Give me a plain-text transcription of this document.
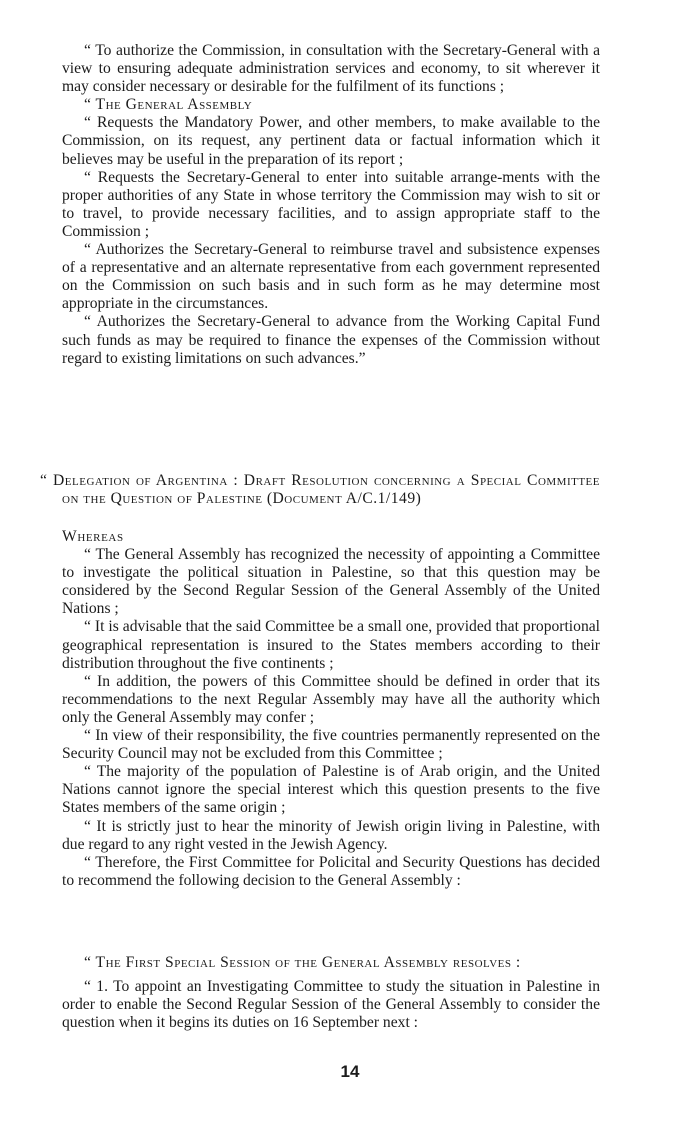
“ To authorize the Commission, in consultation with the Secretary-General with a view to ensuring adequate administration services and economy, to sit wherever it may consider necessary or desirable for the fulfilment of its functions ;

“ The General Assembly

“ Requests the Mandatory Power, and other members, to make available to the Commission, on its request, any pertinent data or factual information which it believes may be useful in the preparation of its report ;

“ Requests the Secretary-General to enter into suitable arrange-ments with the proper authorities of any State in whose territory the Commission may wish to sit or to travel, to provide necessary facilities, and to assign appropriate staff to the Commission ;

“ Authorizes the Secretary-General to reimburse travel and subsistence expenses of a representative and an alternate representative from each government represented on the Commission on such basis and in such form as he may determine most appropriate in the circumstances.

“ Authorizes the Secretary-General to advance from the Working Capital Fund such funds as may be required to finance the expenses of the Commission without regard to existing limitations on such advances.”

“ Delegation of Argentina : Draft Resolution concerning a Special Committee on the Question of Palestine (Document A/C.1/149)

Whereas

“ The General Assembly has recognized the necessity of appointing a Committee to investigate the political situation in Palestine, so that this question may be considered by the Second Regular Session of the General Assembly of the United Nations ;

“ It is advisable that the said Committee be a small one, provided that proportional geographical representation is insured to the States members according to their distribution throughout the five continents ;

“ In addition, the powers of this Committee should be defined in order that its recommendations to the next Regular Assembly may have all the authority which only the General Assembly may confer ;

“ In view of their responsibility, the five countries permanently represented on the Security Council may not be excluded from this Committee ;

“ The majority of the population of Palestine is of Arab origin, and the United Nations cannot ignore the special interest which this question presents to the five States members of the same origin ;

“ It is strictly just to hear the minority of Jewish origin living in Palestine, with due regard to any right vested in the Jewish Agency.

“ Therefore, the First Committee for Policital and Security Questions has decided to recommend the following decision to the General Assembly :

“ The First Special Session of the General Assembly resolves :

“ 1. To appoint an Investigating Committee to study the situation in Palestine in order to enable the Second Regular Session of the General Assembly to consider the question when it begins its duties on 16 September next :

14
